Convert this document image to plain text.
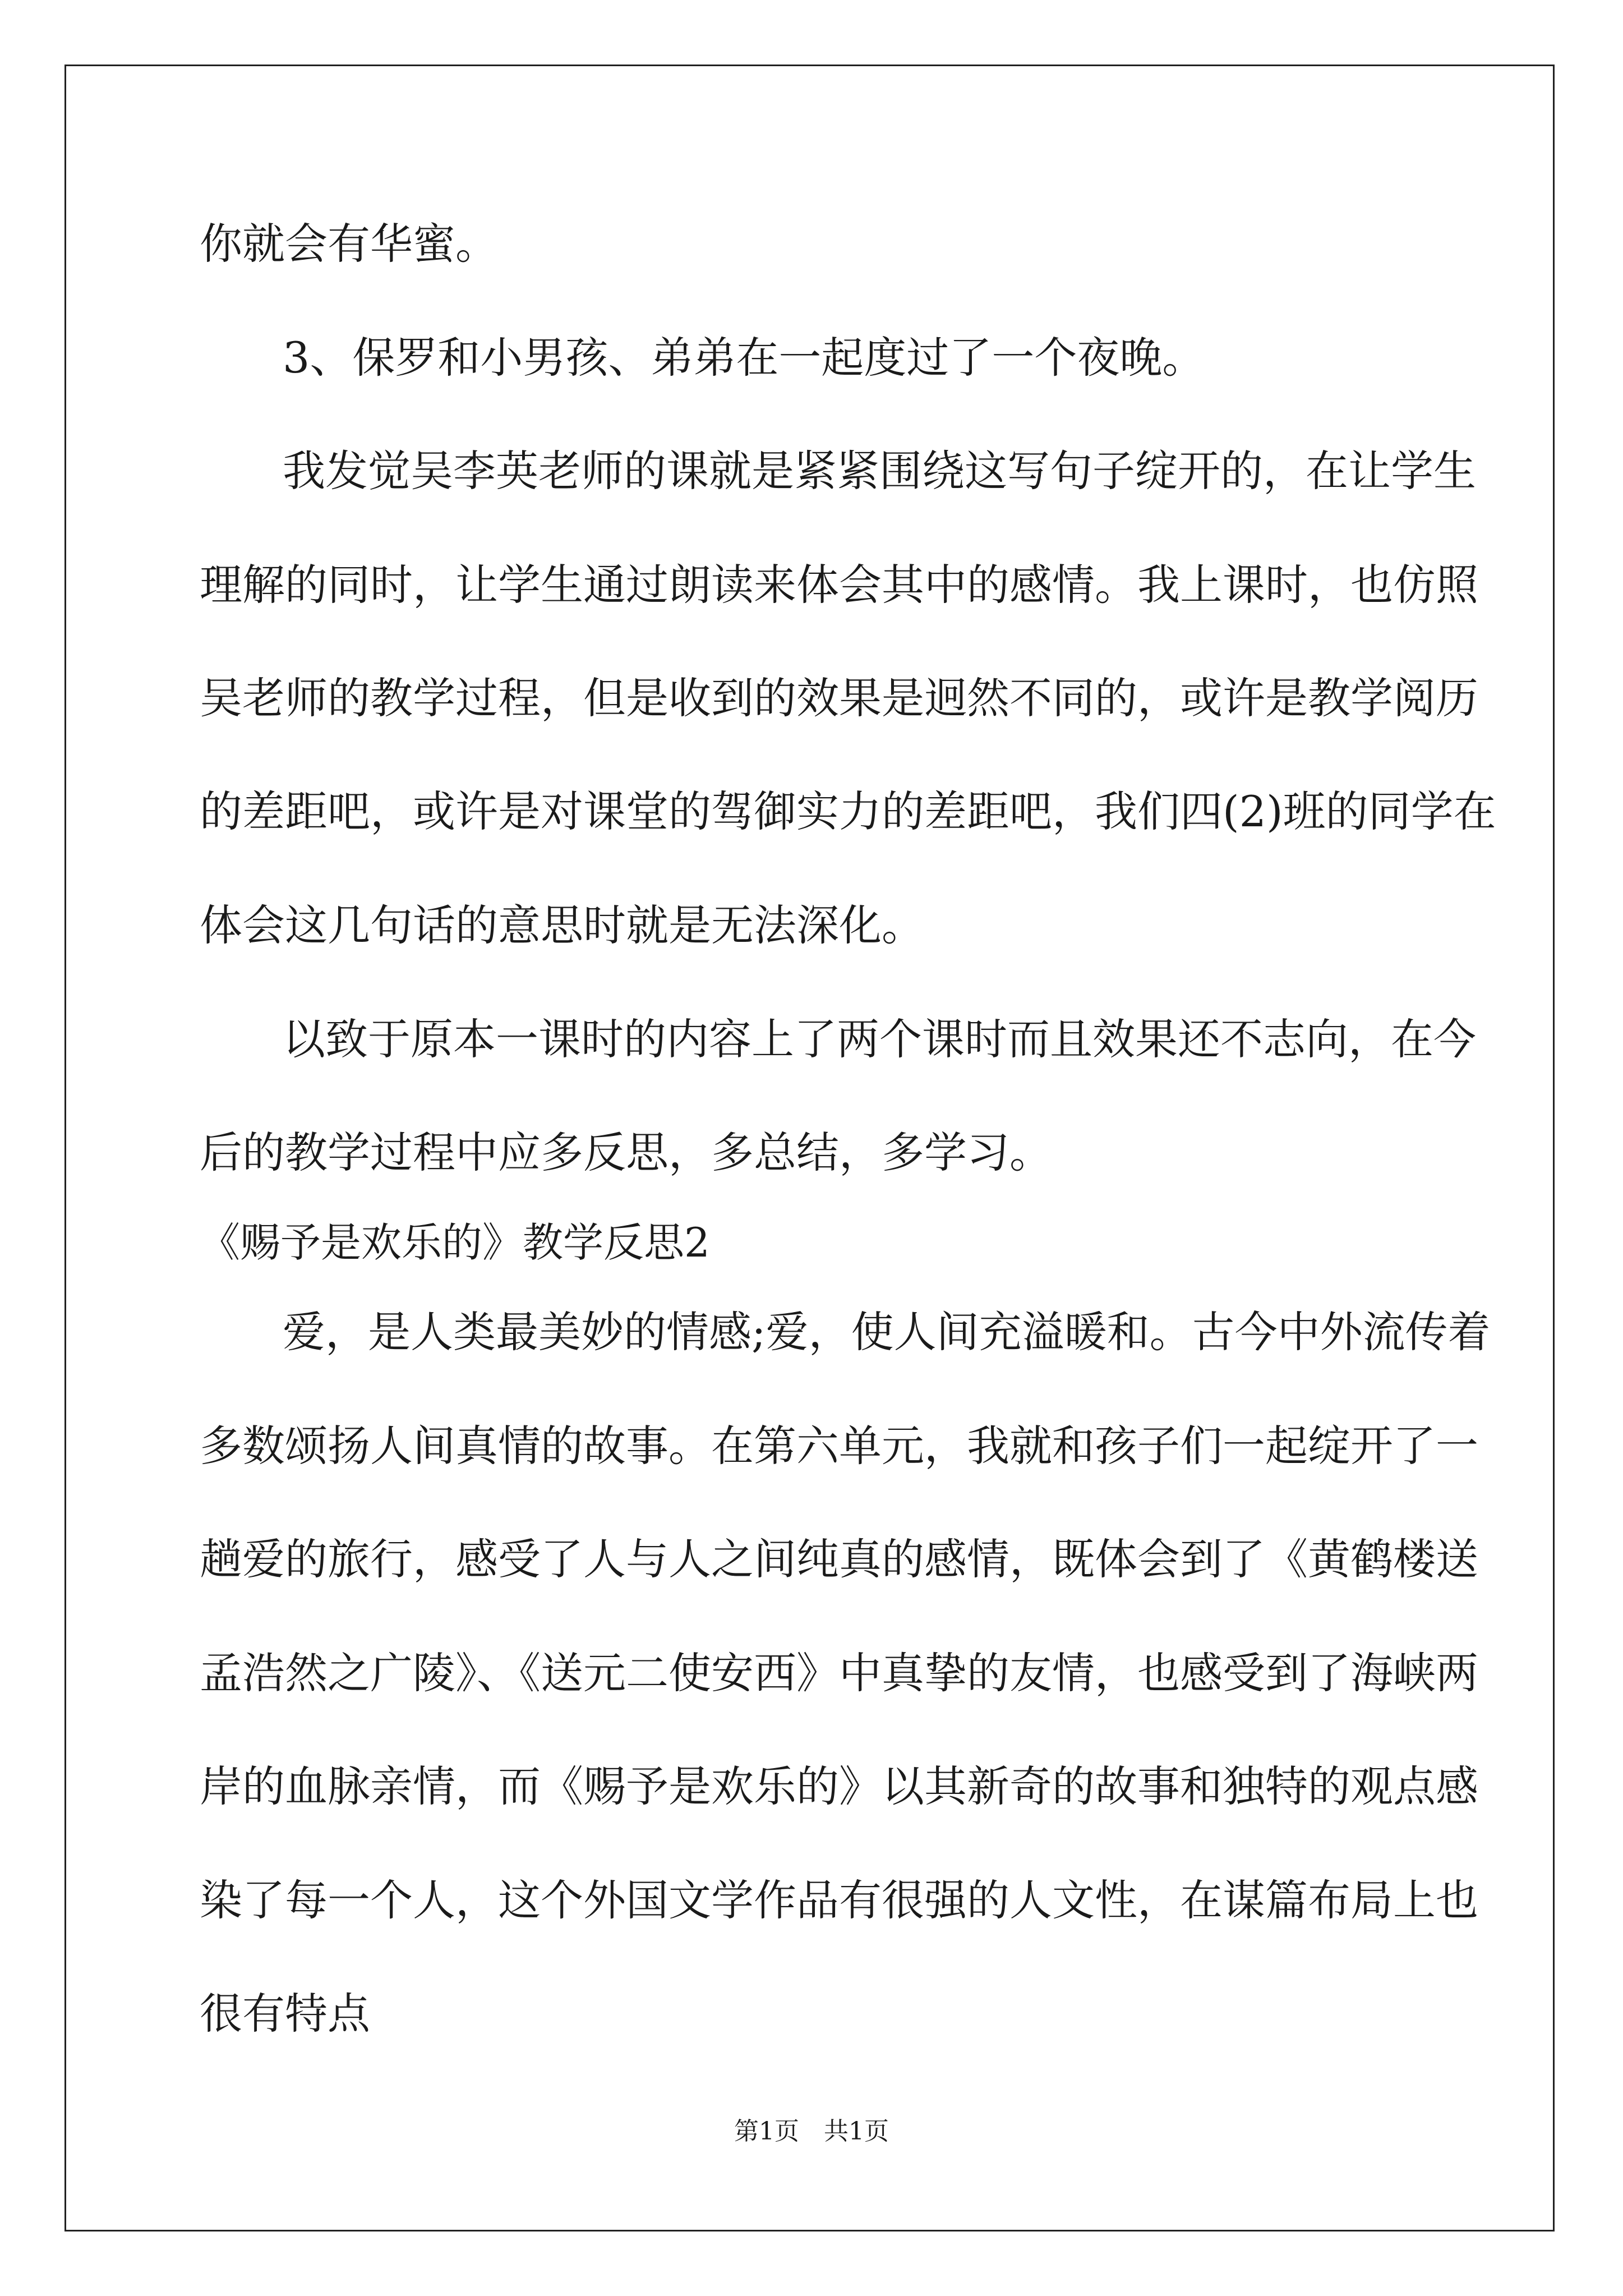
你就会有华蜜。

3、保罗和小男孩、弟弟在一起度过了一个夜晚。

我发觉吴李英老师的课就是紧紧围绕这写句子绽开的，在让学生

理解的同时，让学生通过朗读来体会其中的感情。我上课时，也仿照

吴老师的教学过程，但是收到的效果是迥然不同的，或许是教学阅历

的差距吧，或许是对课堂的驾御实力的差距吧，我们四(2)班的同学在

体会这几句话的意思时就是无法深化。

以致于原本一课时的内容上了两个课时而且效果还不志向，在今

后的教学过程中应多反思，多总结，多学习。

《赐予是欢乐的》教学反思2

爱，是人类最美妙的情感;爱，使人间充溢暖和。古今中外流传着

多数颂扬人间真情的故事。在第六单元，我就和孩子们一起绽开了一

趟爱的旅行，感受了人与人之间纯真的感情，既体会到了《黄鹤楼送

孟浩然之广陵》、《送元二使安西》中真挚的友情，也感受到了海峡两

岸的血脉亲情，而《赐予是欢乐的》以其新奇的故事和独特的观点感

染了每一个人，这个外国文学作品有很强的人文性，在谋篇布局上也

很有特点

第1页　共1页
